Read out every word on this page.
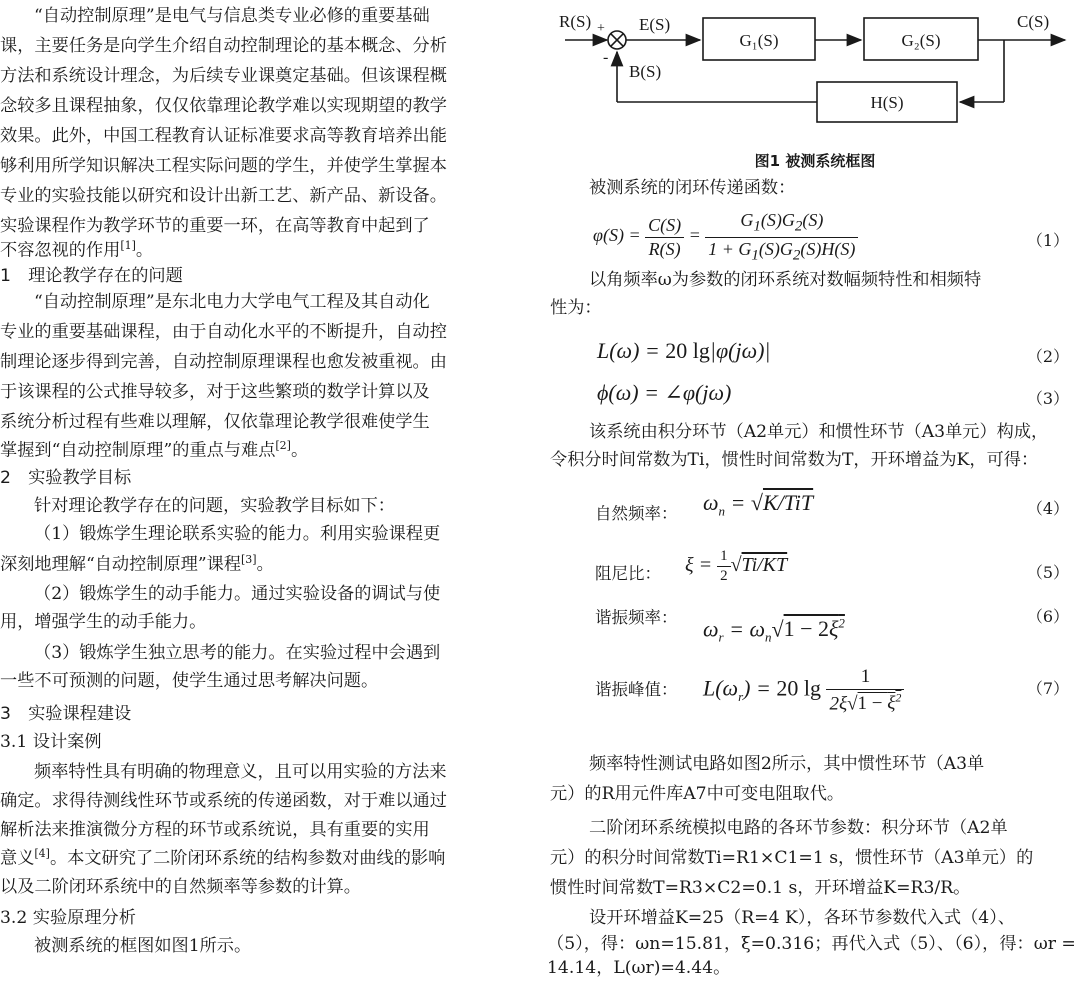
“自动控制原理”是电气与信息类专业必修的重要基础
课，主要任务是向学生介绍自动控制理论的基本概念、分析
方法和系统设计理念，为后续专业课奠定基础。但该课程概
念较多且课程抽象，仅仅依靠理论教学难以实现期望的教学
效果。此外，中国工程教育认证标准要求高等教育培养出能
够利用所学知识解决工程实际问题的学生，并使学生掌握本
专业的实验技能以研究和设计出新工艺、新产品、新设备。
实验课程作为教学环节的重要一环，在高等教育中起到了
不容忽视的作用[1]。
1　理论教学存在的问题
“自动控制原理”是东北电力大学电气工程及其自动化
专业的重要基础课程，由于自动化水平的不断提升，自动控
制理论逐步得到完善，自动控制原理课程也愈发被重视。由
于该课程的公式推导较多，对于这些繁琐的数学计算以及
系统分析过程有些难以理解，仅依靠理论教学很难使学生
掌握到“自动控制原理”的重点与难点[2]。
2　实验教学目标
针对理论教学存在的问题，实验教学目标如下：
（1）锻炼学生理论联系实验的能力。利用实验课程更
深刻地理解“自动控制原理”课程[3]。
（2）锻炼学生的动手能力。通过实验设备的调试与使
用，增强学生的动手能力。
（3）锻炼学生独立思考的能力。在实验过程中会遇到
一些不可预测的问题，使学生通过思考解决问题。
3　实验课程建设
3.1 设计案例
频率特性具有明确的物理意义，且可以用实验的方法来
确定。求得待测线性环节或系统的传递函数，对于难以通过
解析法来推演微分方程的环节或系统说，具有重要的实用
意义[4]。本文研究了二阶闭环系统的结构参数对曲线的影响
以及二阶闭环系统中的自然频率等参数的计算。
3.2 实验原理分析
被测系统的框图如图1所示。
R(S) +
-
E(S)
B(S)
G₁(S)	G₂(S)
H(S)
C(S)
图1 被测系统框图
被测系统的闭环传递函数：
$\varphi(S) = \frac{C(S)}{R(S)} = \frac{G_1(S)G_2(S)}{1 + G_1(S)G_2(S)H(S)}$	（1）
以角频率ω为参数的闭环系统对数幅频特性和相频特
性为：
L(ω) = 20 lg|φ(jω)|	（2）
ϕ(ω) = ∠φ(jω)	（3）
该系统由积分环节（A2单元）和惯性环节（A3单元）构成，
令积分时间常数为Ti，惯性时间常数为T，开环增益为K，可得：
自然频率： $\omega_n = √K/TiT$	（4）
阻尼比： $\xi = \frac{1}{2} √Ti/KT$	（5）
谐振频率： $\omega_r = \omega_n√1 - 2\xi^2$	（6）
谐振峰值： $L(\omega_r) = 20$ $\lg \frac{1}{2\xi√1 - \xi^2}$	（7）
频率特性测试电路如图2所示，其中惯性环节（A3单
元）的R用元件库A7中可变电阻取代。
二阶闭环系统模拟电路的各环节参数：积分环节（A2单
元）的积分时间常数Ti=R1×C1=1 s，惯性环节（A3单元）的
惯性时间常数T=R3×C2=0.1 s，开环增益K=R3/R。
设开环增益K=25（R=4 K），各环节参数代入式（4）、
（5），得：ωn=15.81，ξ=0.316；再代入式（5）、（6），得：ωr =
14.14，L(ωr)=4.44。
